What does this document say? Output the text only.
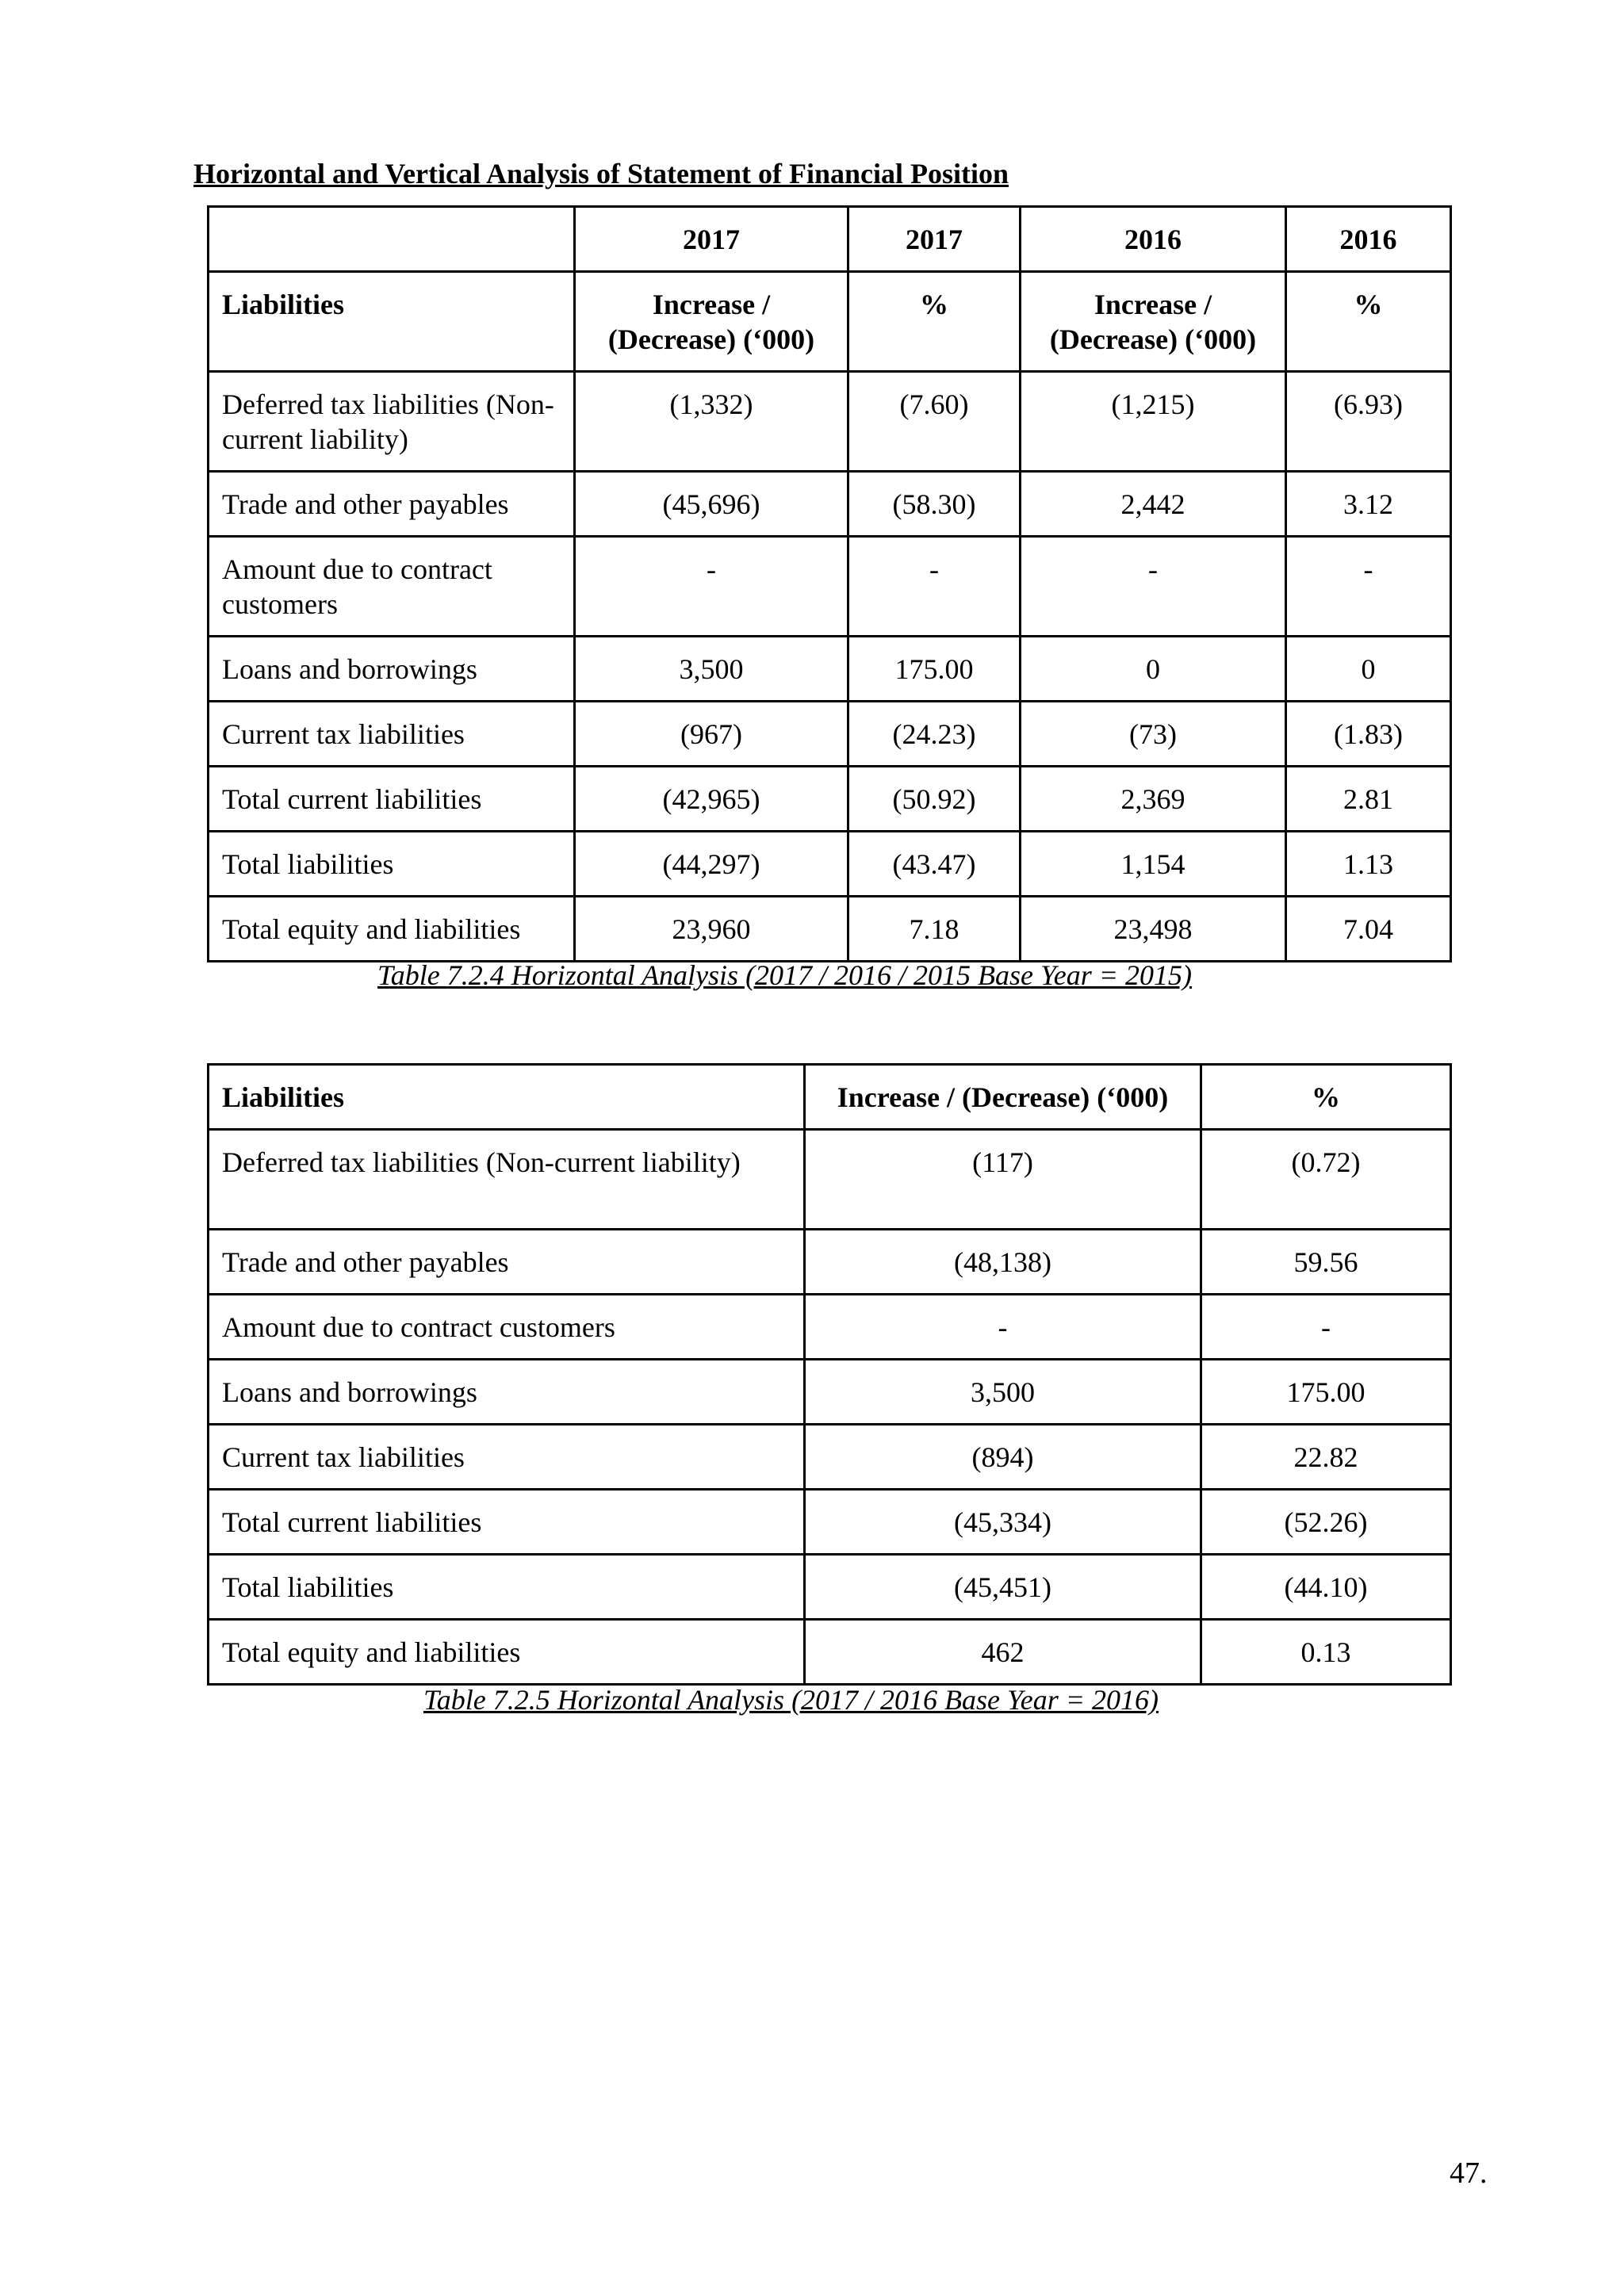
Horizontal and Vertical Analysis of Statement of Financial Position
	2017	2017	2016	2016
Liabilities	Increase / (Decrease) (‘000)	%	Increase / (Decrease) (‘000)	%
Deferred tax liabilities (Non-current liability)	(1,332)	(7.60)	(1,215)	(6.93)
Trade and other payables	(45,696)	(58.30)	2,442	3.12
Amount due to contract customers	-	-	-	-
Loans and borrowings	3,500	175.00	0	0
Current tax liabilities	(967)	(24.23)	(73)	(1.83)
Total current liabilities	(42,965)	(50.92)	2,369	2.81
Total liabilities	(44,297)	(43.47)	1,154	1.13
Total equity and liabilities	23,960	7.18	23,498	7.04
Table 7.2.4 Horizontal Analysis (2017 / 2016 / 2015 Base Year = 2015)
Liabilities	Increase / (Decrease) (‘000)	%
Deferred tax liabilities (Non-current liability)	(117)	(0.72)
Trade and other payables	(48,138)	59.56
Amount due to contract customers	-	-
Loans and borrowings	3,500	175.00
Current tax liabilities	(894)	22.82
Total current liabilities	(45,334)	(52.26)
Total liabilities	(45,451)	(44.10)
Total equity and liabilities	462	0.13
Table 7.2.5 Horizontal Analysis (2017 / 2016 Base Year = 2016)
47.
